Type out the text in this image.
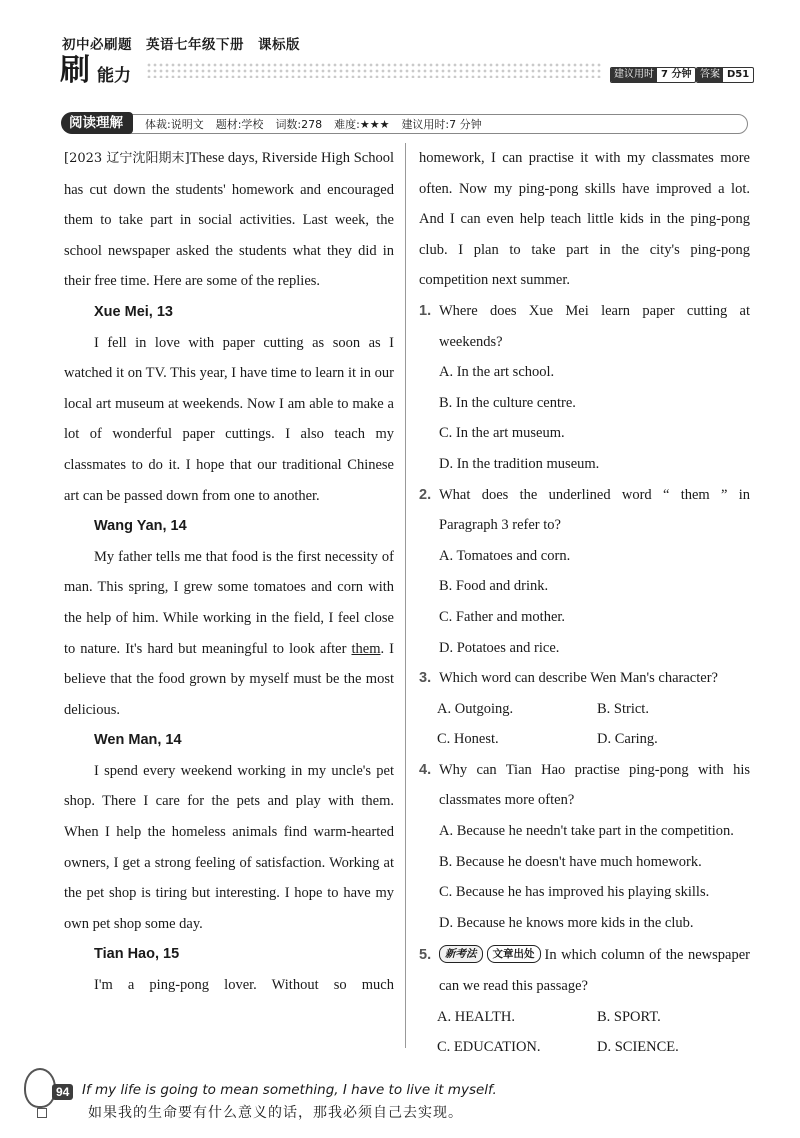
初中必刷题　英语七年级下册　课标版
刷 能力	建议用时 7 分钟 答案 D51
阅读理解	体裁:说明文 题材:学校 词数:278 难度:★★★ 建议用时:7 分钟

[2023 辽宁沈阳期末]These days, Riverside High School has cut down the students' homework and encouraged them to take part in social activities. Last week, the school newspaper asked the students what they did in their free time. Here are some of the replies.

Xue Mei, 13

I fell in love with paper cutting as soon as I watched it on TV. This year, I have time to learn it in our local art museum at weekends. Now I am able to make a lot of wonderful paper cuttings. I also teach my classmates to do it. I hope that our traditional Chinese art can be passed down from one to another.

Wang Yan, 14

My father tells me that food is the first necessity of man. This spring, I grew some tomatoes and corn with the help of him. While working in the field, I feel close to nature. It's hard but meaningful to look after them. I believe that the food grown by myself must be the most delicious.

Wen Man, 14

I spend every weekend working in my uncle's pet shop. There I care for the pets and play with them. When I help the homeless animals find warm-hearted owners, I get a strong feeling of satisfaction. Working at the pet shop is tiring but interesting. I hope to have my own pet shop some day.

Tian Hao, 15

I'm a ping-pong lover. Without so much

homework, I can practise it with my classmates more often. Now my ping-pong skills have improved a lot. And I can even help teach little kids in the ping-pong club. I plan to take part in the city's ping-pong competition next summer.

1. Where does Xue Mei learn paper cutting at weekends?
A. In the art school.
B. In the culture centre.
C. In the art museum.
D. In the tradition museum.
2. What does the underlined word “ them ” in Paragraph 3 refer to?
A. Tomatoes and corn.
B. Food and drink.
C. Father and mother.
D. Potatoes and rice.
3. Which word can describe Wen Man's character?
A. Outgoing.	B. Strict.
C. Honest.	D. Caring.
4. Why can Tian Hao practise ping-pong with his classmates more often?
A. Because he needn't take part in the competition.
B. Because he doesn't have much homework.
C. Because he has improved his playing skills.
D. Because he knows more kids in the club.
5.	新考法 文章出处 In which column of the newspaper can we read this passage?
A. HEALTH.	B. SPORT.
C. EDUCATION.	D. SCIENCE.
94 If my life is going to mean something, I have to live it myself.
如果我的生命要有什么意义的话，那我必须自己去实现。
